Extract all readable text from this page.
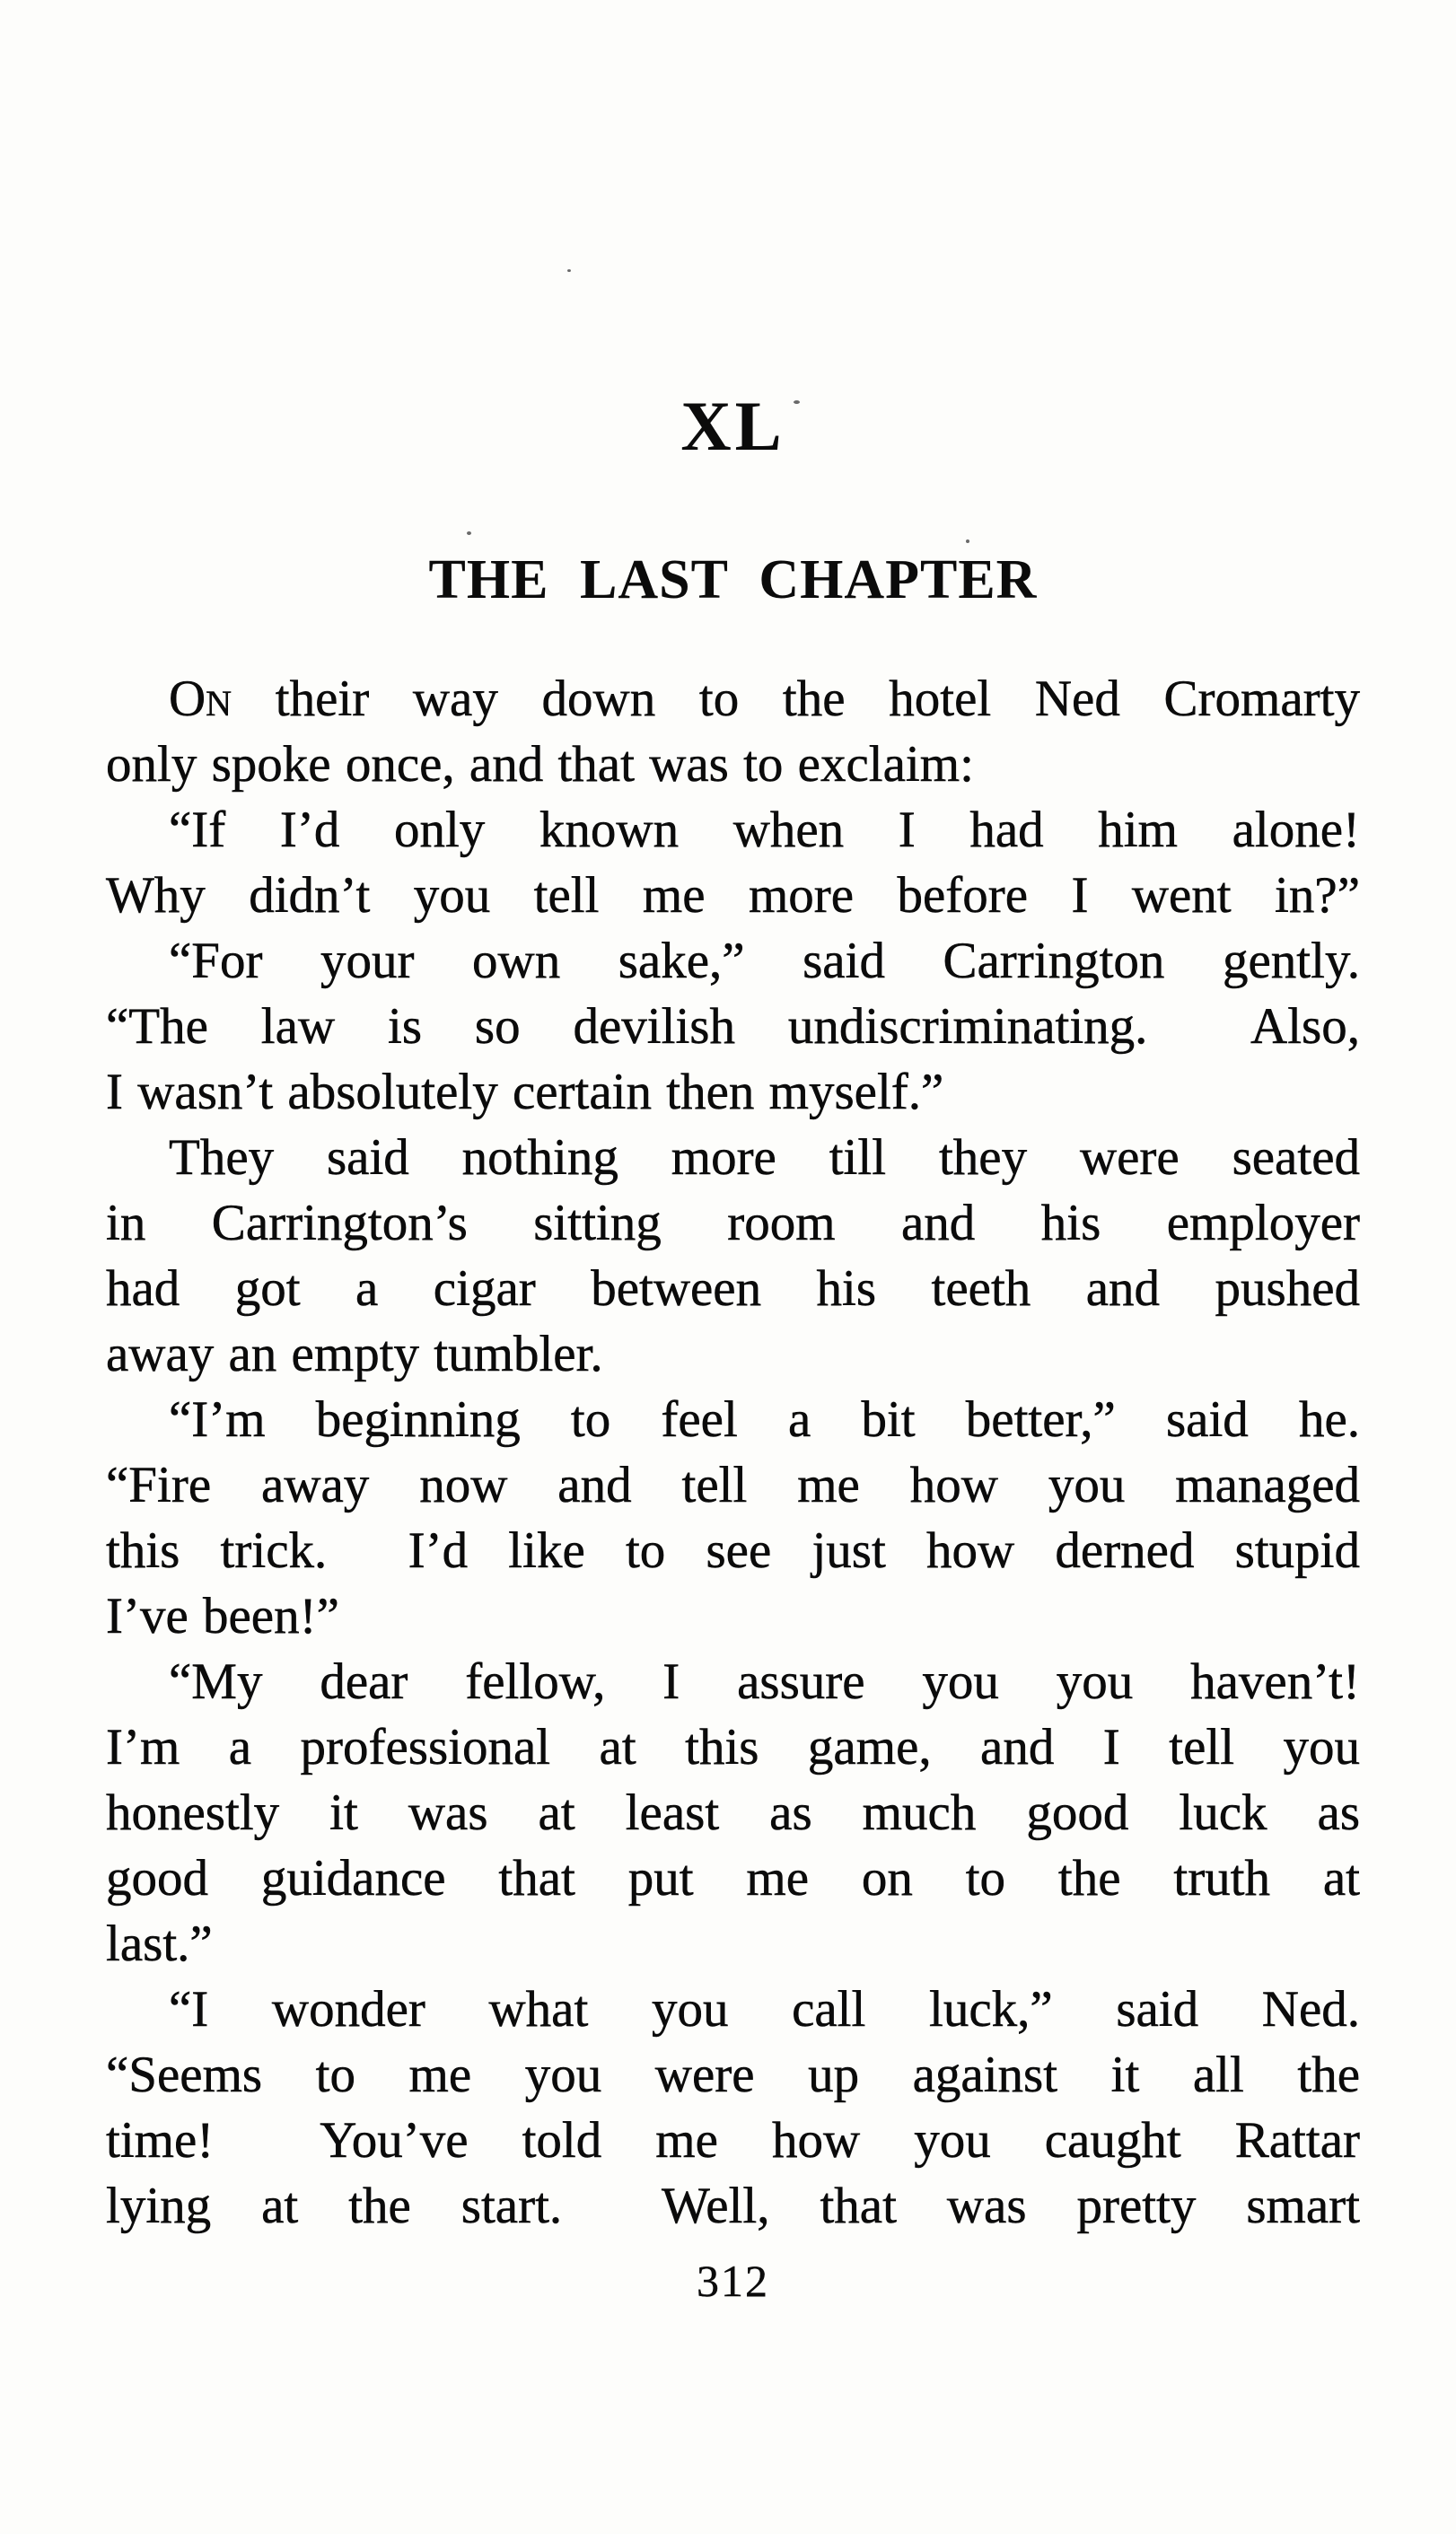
XL
THE LAST CHAPTER
On their way down to the hotel Ned Cromarty
only spoke once, and that was to exclaim:
“If I’d only known when I had him alone!
Why didn’t you tell me more before I went in?”
“For your own sake,” said Carrington gently.
“The law is so devilish undiscriminating.  Also,
I wasn’t absolutely certain then myself.”
They said nothing more till they were seated
in Carrington’s sitting room and his employer
had got a cigar between his teeth and pushed
away an empty tumbler.
“I’m beginning to feel a bit better,” said he.
“Fire away now and tell me how you managed
this trick.  I’d like to see just how derned stupid
I’ve been!”
“My dear fellow, I assure you you haven’t!
I’m a professional at this game, and I tell you
honestly it was at least as much good luck as
good guidance that put me on to the truth at
last.”
“I wonder what you call luck,” said Ned.
“Seems to me you were up against it all the
time!  You’ve told me how you caught Rattar
lying at the start.  Well, that was pretty smart
312
